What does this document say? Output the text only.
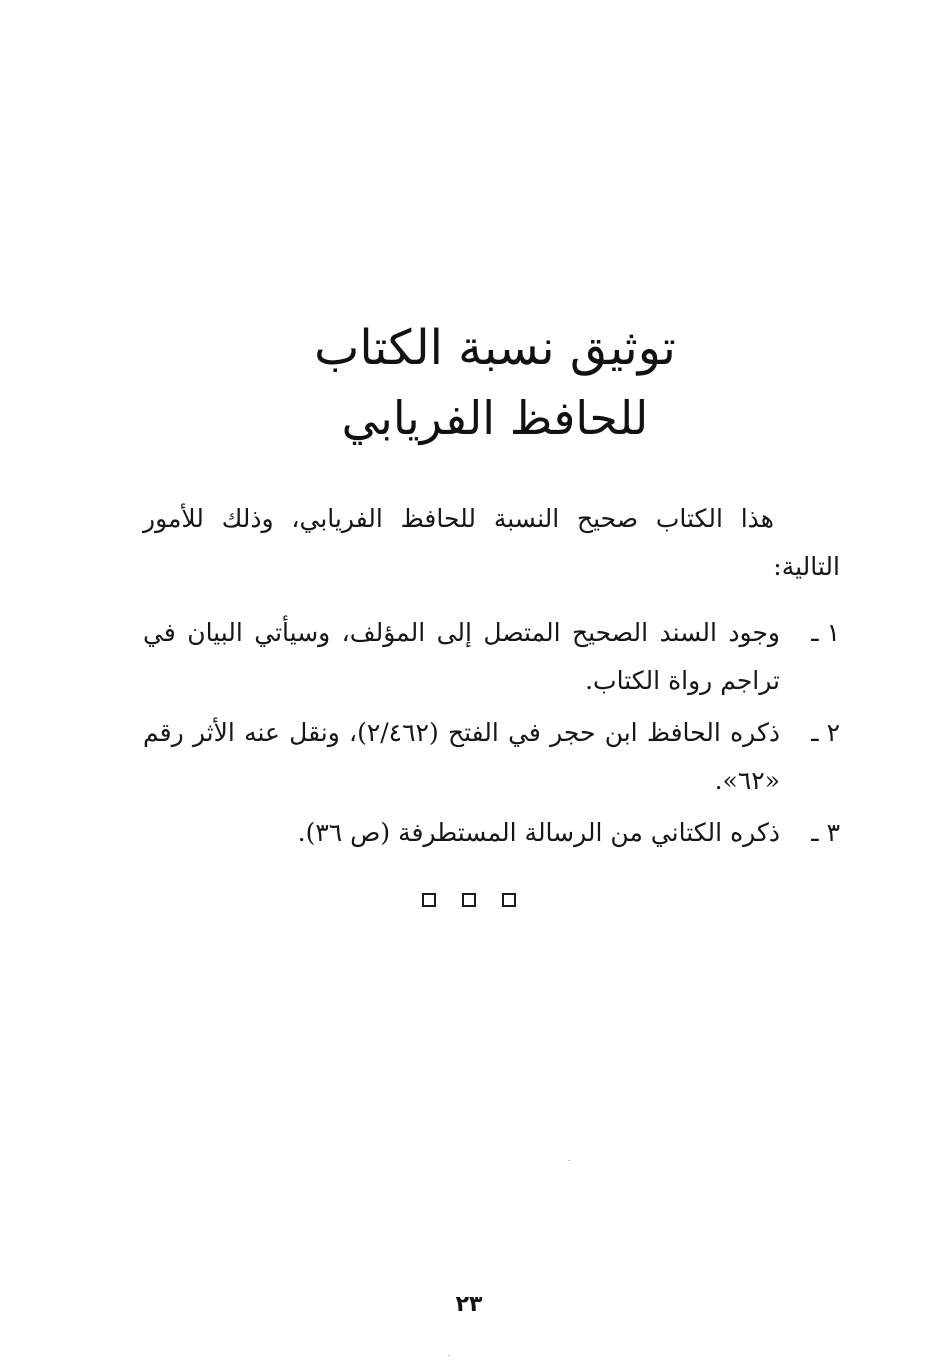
توثيق نسبة الكتاب
للحافظ الفريابي

هذا الكتاب صحيح النسبة للحافظ الفريابي، وذلك للأمور التالية:

١ ـ
وجود السند الصحيح المتصل إلى المؤلف، وسيأتي البيان في تراجم رواة الكتاب.
٢ ـ
ذكره الحافظ ابن حجر في الفتح (٢/٤٦٢)، ونقل عنه الأثر رقم «٦٢».
٣ ـ
ذكره الكتاني من الرسالة المستطرفة (ص ٣٦).
٢٣
